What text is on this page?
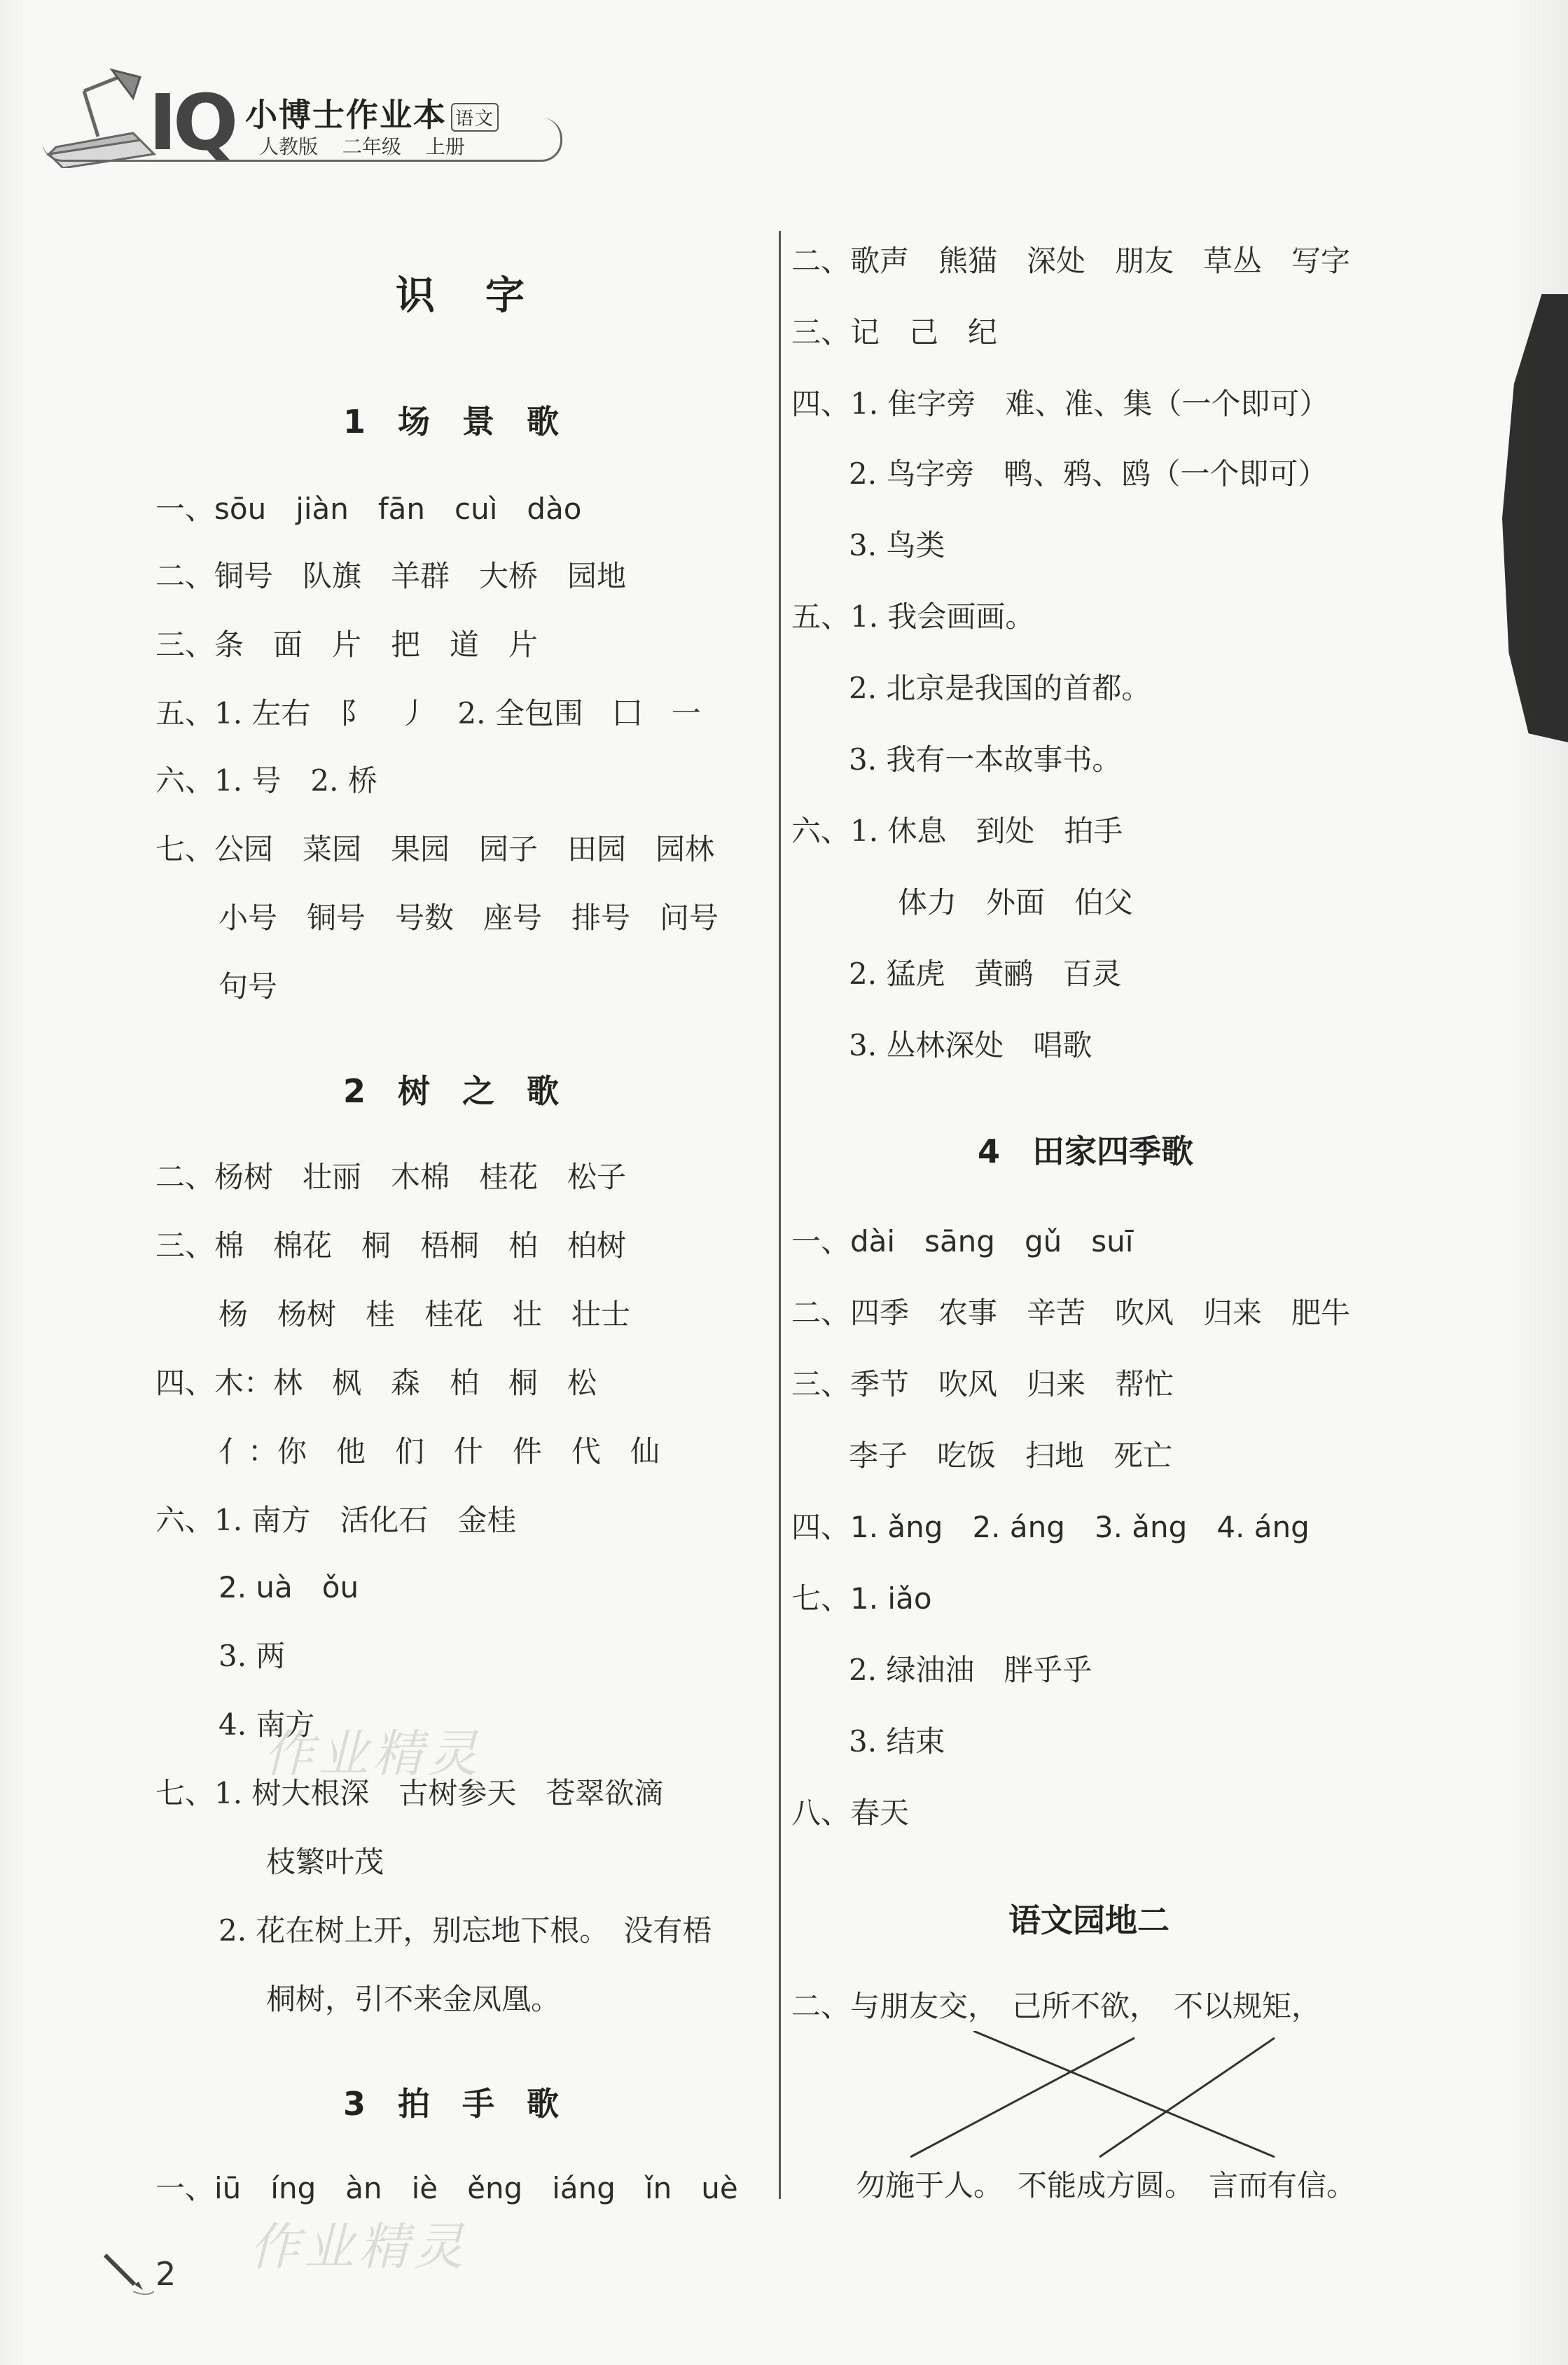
IQ 小博士作业本 语文
人教版 二年级 上册
识　字
1　场　景　歌
一、sōu　jiàn　fān　cuì　dào
二、铜号　队旗　羊群　大桥　园地
三、条　面　片　把　道　片
五、1. 左右　阝　丿　2. 全包围　囗　一
六、1. 号　2. 桥
七、公园　菜园　果园　园子　田园　园林
小号　铜号　号数　座号　排号　问号
句号
2　树　之　歌
二、杨树　壮丽　木棉　桂花　松子
三、棉　棉花　桐　梧桐　柏　柏树
杨　杨树　桂　桂花　壮　壮士
四、木：林　枫　森　柏　桐　松
亻：你　他　们　什　件　代　仙
六、1. 南方　活化石　金桂
2. uà　ǒu
3. 两
4. 南方
七、1. 树大根深　古树参天　苍翠欲滴
枝繁叶茂
2. 花在树上开，别忘地下根。　没有梧
桐树，引不来金凤凰。
3　拍　手　歌
一、iū　íng　àn　iè　ěng　iáng　ǐn　uè
作业精灵
作业精灵
2
二、歌声　熊猫　深处　朋友　草丛　写字
三、记　己　纪
四、1. 隹字旁　难、准、集（一个即可）
2. 鸟字旁　鸭、鸦、鸥（一个即可）
3. 鸟类
五、1. 我会画画。
2. 北京是我国的首都。
3. 我有一本故事书。
六、1. 休息　到处　拍手
体力　外面　伯父
2. 猛虎　黄鹂　百灵
3. 丛林深处　唱歌
4　田家四季歌
一、dài　sāng　gǔ　suī
二、四季　农事　辛苦　吹风　归来　肥牛
三、季节　吹风　归来　帮忙
李子　吃饭　扫地　死亡
四、1. ǎng　2. áng　3. ǎng　4. áng
七、1. iǎo
2. 绿油油　胖乎乎
3. 结束
八、春天
语文园地二
二、与朋友交，　己所不欲，　不以规矩，
勿施于人。　不能成方圆。　言而有信。
